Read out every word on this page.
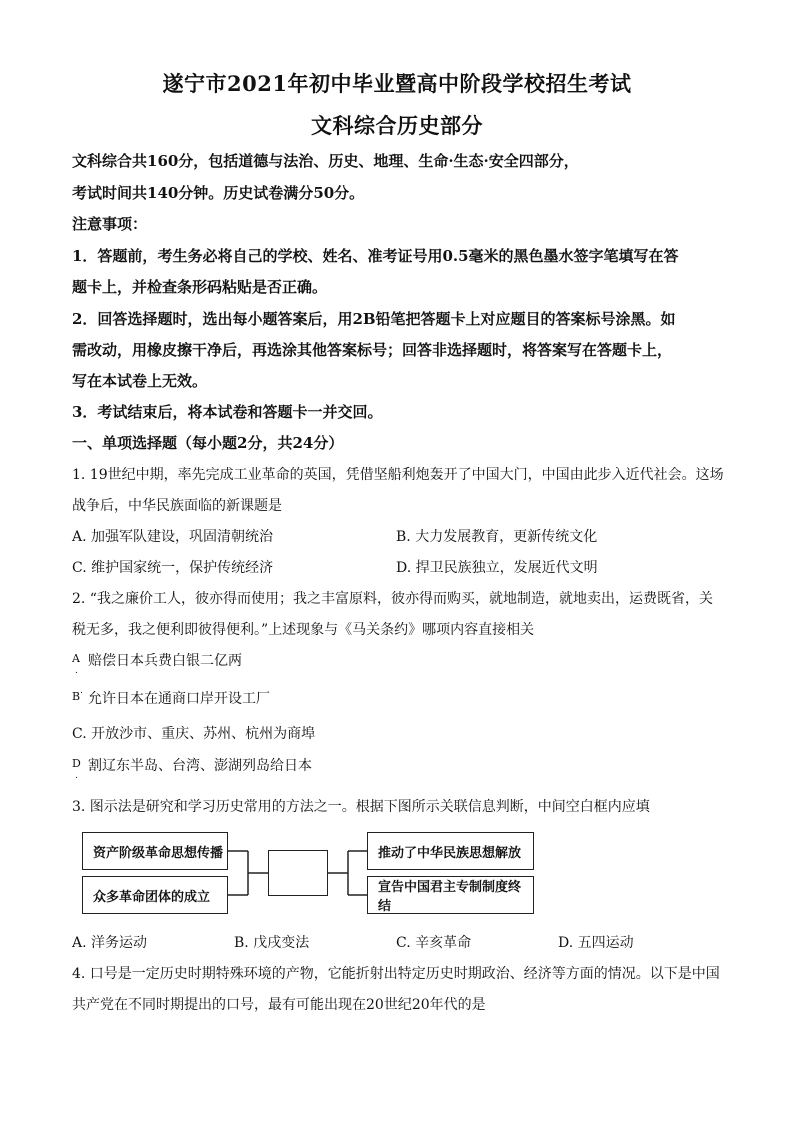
遂宁市2021年初中毕业暨高中阶段学校招生考试
文科综合历史部分
文科综合共160分，包括道德与法治、历史、地理、生命·生态·安全四部分，
考试时间共140分钟。历史试卷满分50分。
注意事项：
1．答题前，考生务必将自己的学校、姓名、准考证号用0.5毫米的黑色墨水签字笔填写在答
题卡上，并检查条形码粘贴是否正确。
2．回答选择题时，选出每小题答案后，用2B铅笔把答题卡上对应题目的答案标号涂黑。如
需改动，用橡皮擦干净后，再选涂其他答案标号；回答非选择题时，将答案写在答题卡上，
写在本试卷上无效。
3．考试结束后，将本试卷和答题卡一并交回。
一、单项选择题（每小题2分，共24分）
1. 19世纪中期，率先完成工业革命的英国，凭借坚船利炮轰开了中国大门，中国由此步入近代社会。这场
战争后，中华民族面临的新课题是
A. 加强军队建设，巩固清朝统治	B. 大力发展教育，更新传统文化
C. 维护国家统一，保护传统经济	D. 捍卫民族独立，发展近代文明
2. “我之廉价工人，彼亦得而使用；我之丰富原料，彼亦得而购买，就地制造，就地卖出，运费既省，关
税无多，我之便利即彼得便利。”上述现象与《马关条约》哪项内容直接相关
A 赔偿日本兵费白银二亿两
.
B . 允许日本在通商口岸开设工厂
C. 开放沙市、重庆、苏州、杭州为商埠
D 割辽东半岛、台湾、澎湖列岛给日本
.
3. 图示法是研究和学习历史常用的方法之一。根据下图所示关联信息判断，中间空白框内应填
资产阶级革命思想传播
众多革命团体的成立
推动了中华民族思想解放
宣告中国君主专制制度终结
A. 洋务运动	B. 戊戌变法	C. 辛亥革命	D. 五四运动
4. 口号是一定历史时期特殊环境的产物，它能折射出特定历史时期政治、经济等方面的情况。以下是中国
共产党在不同时期提出的口号，最有可能出现在20世纪20年代的是
